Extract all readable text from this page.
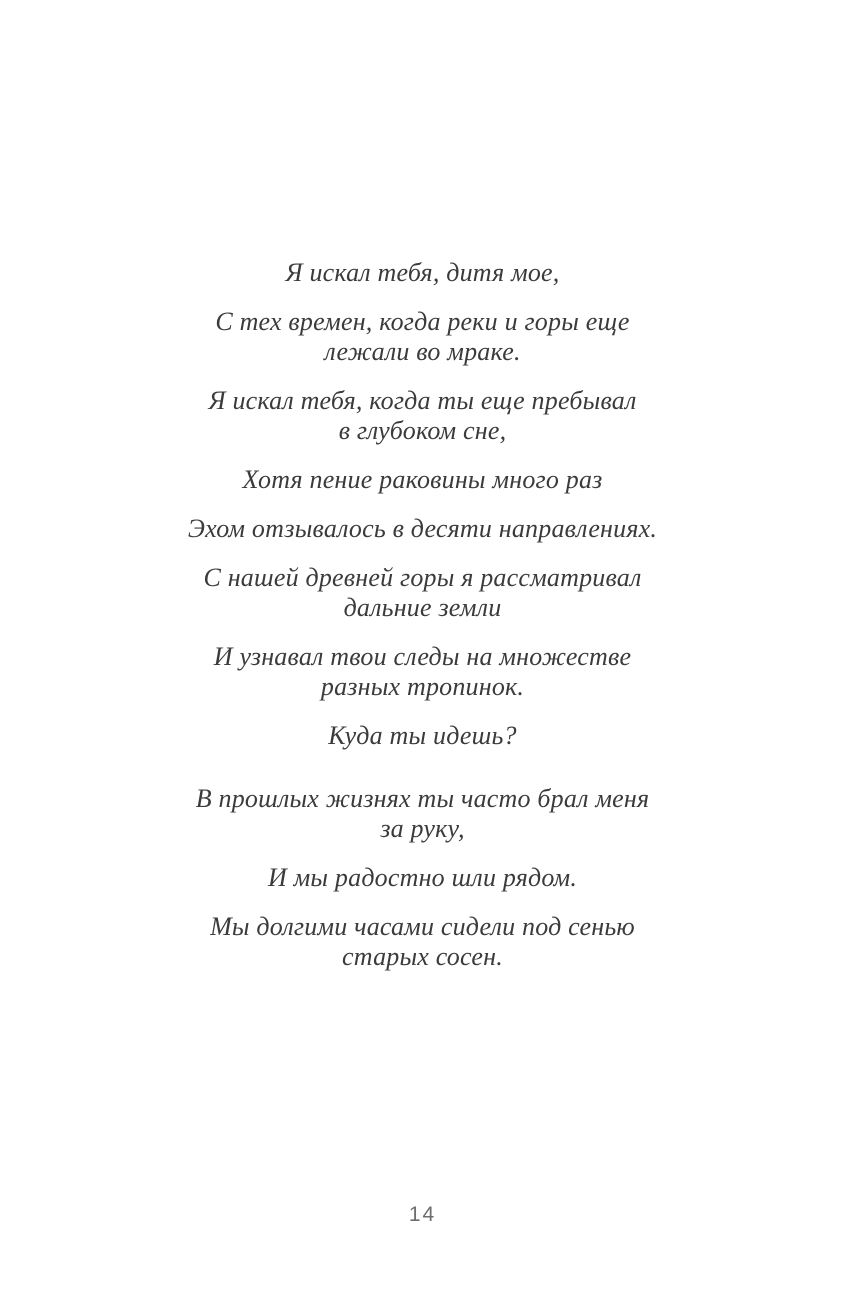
Я искал тебя, дитя мое,
С тех времен, когда реки и горы еще
лежали во мраке.
Я искал тебя, когда ты еще пребывал
в глубоком сне,
Хотя пение раковины много раз
Эхом отзывалось в десяти направлениях.
С нашей древней горы я рассматривал
дальние земли
И узнавал твои следы на множестве
разных тропинок.
Куда ты идешь?
В прошлых жизнях ты часто брал меня
за руку,
И мы радостно шли рядом.
Мы долгими часами сидели под сенью
старых сосен.
14
